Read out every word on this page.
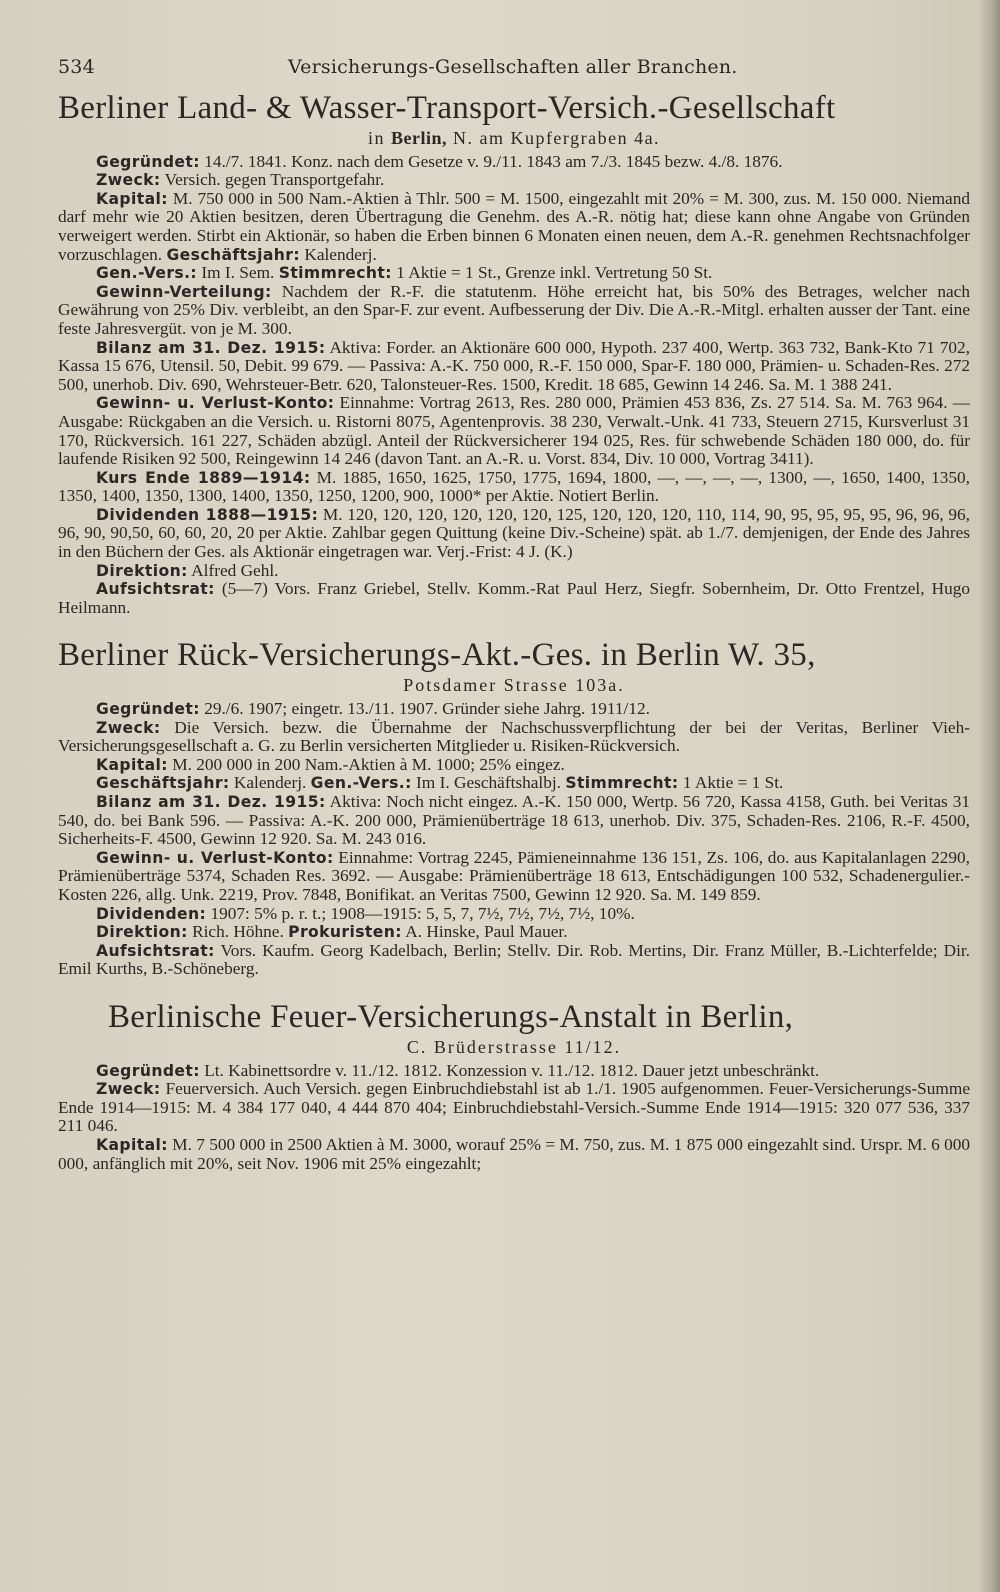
534	Versicherungs-Gesellschaften aller Branchen.
Berliner Land- & Wasser-Transport-Versich.-Gesellschaft
in Berlin, N. am Kupfergraben 4a.

Gegründet: 14./7. 1841. Konz. nach dem Gesetze v. 9./11. 1843 am 7./3. 1845 bezw. 4./8. 1876.

Zweck: Versich. gegen Transportgefahr.

Kapital: M. 750 000 in 500 Nam.-Aktien à Thlr. 500 = M. 1500, eingezahlt mit 20% = M. 300, zus. M. 150 000. Niemand darf mehr wie 20 Aktien besitzen, deren Übertragung die Genehm. des A.-R. nötig hat; diese kann ohne Angabe von Gründen verweigert werden. Stirbt ein Aktionär, so haben die Erben binnen 6 Monaten einen neuen, dem A.-R. genehmen Rechtsnachfolger vorzuschlagen. Geschäftsjahr: Kalenderj.

Gen.-Vers.: Im I. Sem. Stimmrecht: 1 Aktie = 1 St., Grenze inkl. Vertretung 50 St.

Gewinn-Verteilung: Nachdem der R.-F. die statutenm. Höhe erreicht hat, bis 50% des Betrages, welcher nach Gewährung von 25% Div. verbleibt, an den Spar-F. zur event. Aufbesserung der Div. Die A.-R.-Mitgl. erhalten ausser der Tant. eine feste Jahresvergüt. von je M. 300.

Bilanz am 31. Dez. 1915: Aktiva: Forder. an Aktionäre 600 000, Hypoth. 237 400, Wertp. 363 732, Bank-Kto 71 702, Kassa 15 676, Utensil. 50, Debit. 99 679. — Passiva: A.-K. 750 000, R.-F. 150 000, Spar-F. 180 000, Prämien- u. Schaden-Res. 272 500, unerhob. Div. 690, Wehrsteuer-Betr. 620, Talonsteuer-Res. 1500, Kredit. 18 685, Gewinn 14 246. Sa. M. 1 388 241.

Gewinn- u. Verlust-Konto: Einnahme: Vortrag 2613, Res. 280 000, Prämien 453 836, Zs. 27 514. Sa. M. 763 964. — Ausgabe: Rückgaben an die Versich. u. Ristorni 8075, Agentenprovis. 38 230, Verwalt.-Unk. 41 733, Steuern 2715, Kursverlust 31 170, Rückversich. 161 227, Schäden abzügl. Anteil der Rückversicherer 194 025, Res. für schwebende Schäden 180 000, do. für laufende Risiken 92 500, Reingewinn 14 246 (davon Tant. an A.-R. u. Vorst. 834, Div. 10 000, Vortrag 3411).

Kurs Ende 1889—1914: M. 1885, 1650, 1625, 1750, 1775, 1694, 1800, —, —, —, —, 1300, —, 1650, 1400, 1350, 1350, 1400, 1350, 1300, 1400, 1350, 1250, 1200, 900, 1000* per Aktie. Notiert Berlin.

Dividenden 1888—1915: M. 120, 120, 120, 120, 120, 120, 125, 120, 120, 120, 110, 114, 90, 95, 95, 95, 95, 96, 96, 96, 96, 90, 90,50, 60, 60, 20, 20 per Aktie. Zahlbar gegen Quittung (keine Div.-Scheine) spät. ab 1./7. demjenigen, der Ende des Jahres in den Büchern der Ges. als Aktionär eingetragen war. Verj.-Frist: 4 J. (K.)

Direktion: Alfred Gehl.

Aufsichtsrat: (5—7) Vors. Franz Griebel, Stellv. Komm.-Rat Paul Herz, Siegfr. Sobernheim, Dr. Otto Frentzel, Hugo Heilmann.

Berliner Rück-Versicherungs-Akt.-Ges. in Berlin W. 35,
Potsdamer Strasse 103a.

Gegründet: 29./6. 1907; eingetr. 13./11. 1907. Gründer siehe Jahrg. 1911/12.

Zweck: Die Versich. bezw. die Übernahme der Nachschussverpflichtung der bei der Veritas, Berliner Vieh-Versicherungsgesellschaft a. G. zu Berlin versicherten Mitglieder u. Risiken-Rückversich.

Kapital: M. 200 000 in 200 Nam.-Aktien à M. 1000; 25% eingez.

Geschäftsjahr: Kalenderj. Gen.-Vers.: Im I. Geschäftshalbj. Stimmrecht: 1 Aktie = 1 St.

Bilanz am 31. Dez. 1915: Aktiva: Noch nicht eingez. A.-K. 150 000, Wertp. 56 720, Kassa 4158, Guth. bei Veritas 31 540, do. bei Bank 596. — Passiva: A.-K. 200 000, Prämienüberträge 18 613, unerhob. Div. 375, Schaden-Res. 2106, R.-F. 4500, Sicherheits-F. 4500, Gewinn 12 920. Sa. M. 243 016.

Gewinn- u. Verlust-Konto: Einnahme: Vortrag 2245, Pämieneinnahme 136 151, Zs. 106, do. aus Kapitalanlagen 2290, Prämienüberträge 5374, Schaden Res. 3692. — Ausgabe: Prämienüberträge 18 613, Entschädigungen 100 532, Schadenergulier.-Kosten 226, allg. Unk. 2219, Prov. 7848, Bonifikat. an Veritas 7500, Gewinn 12 920. Sa. M. 149 859.

Dividenden: 1907: 5% p. r. t.; 1908—1915: 5, 5, 7, 7½, 7½, 7½, 7½, 10%.

Direktion: Rich. Höhne. Prokuristen: A. Hinske, Paul Mauer.

Aufsichtsrat: Vors. Kaufm. Georg Kadelbach, Berlin; Stellv. Dir. Rob. Mertins, Dir. Franz Müller, B.-Lichterfelde; Dir. Emil Kurths, B.-Schöneberg.

Berlinische Feuer-Versicherungs-Anstalt in Berlin,
C. Brüderstrasse 11/12.

Gegründet: Lt. Kabinettsordre v. 11./12. 1812. Konzession v. 11./12. 1812. Dauer jetzt unbeschränkt.

Zweck: Feuerversich. Auch Versich. gegen Einbruchdiebstahl ist ab 1./1. 1905 aufgenommen. Feuer-Versicherungs-Summe Ende 1914—1915: M. 4 384 177 040, 4 444 870 404; Einbruchdiebstahl-Versich.-Summe Ende 1914—1915: 320 077 536, 337 211 046.

Kapital: M. 7 500 000 in 2500 Aktien à M. 3000, worauf 25% = M. 750, zus. M. 1 875 000 eingezahlt sind. Urspr. M. 6 000 000, anfänglich mit 20%, seit Nov. 1906 mit 25% eingezahlt;
